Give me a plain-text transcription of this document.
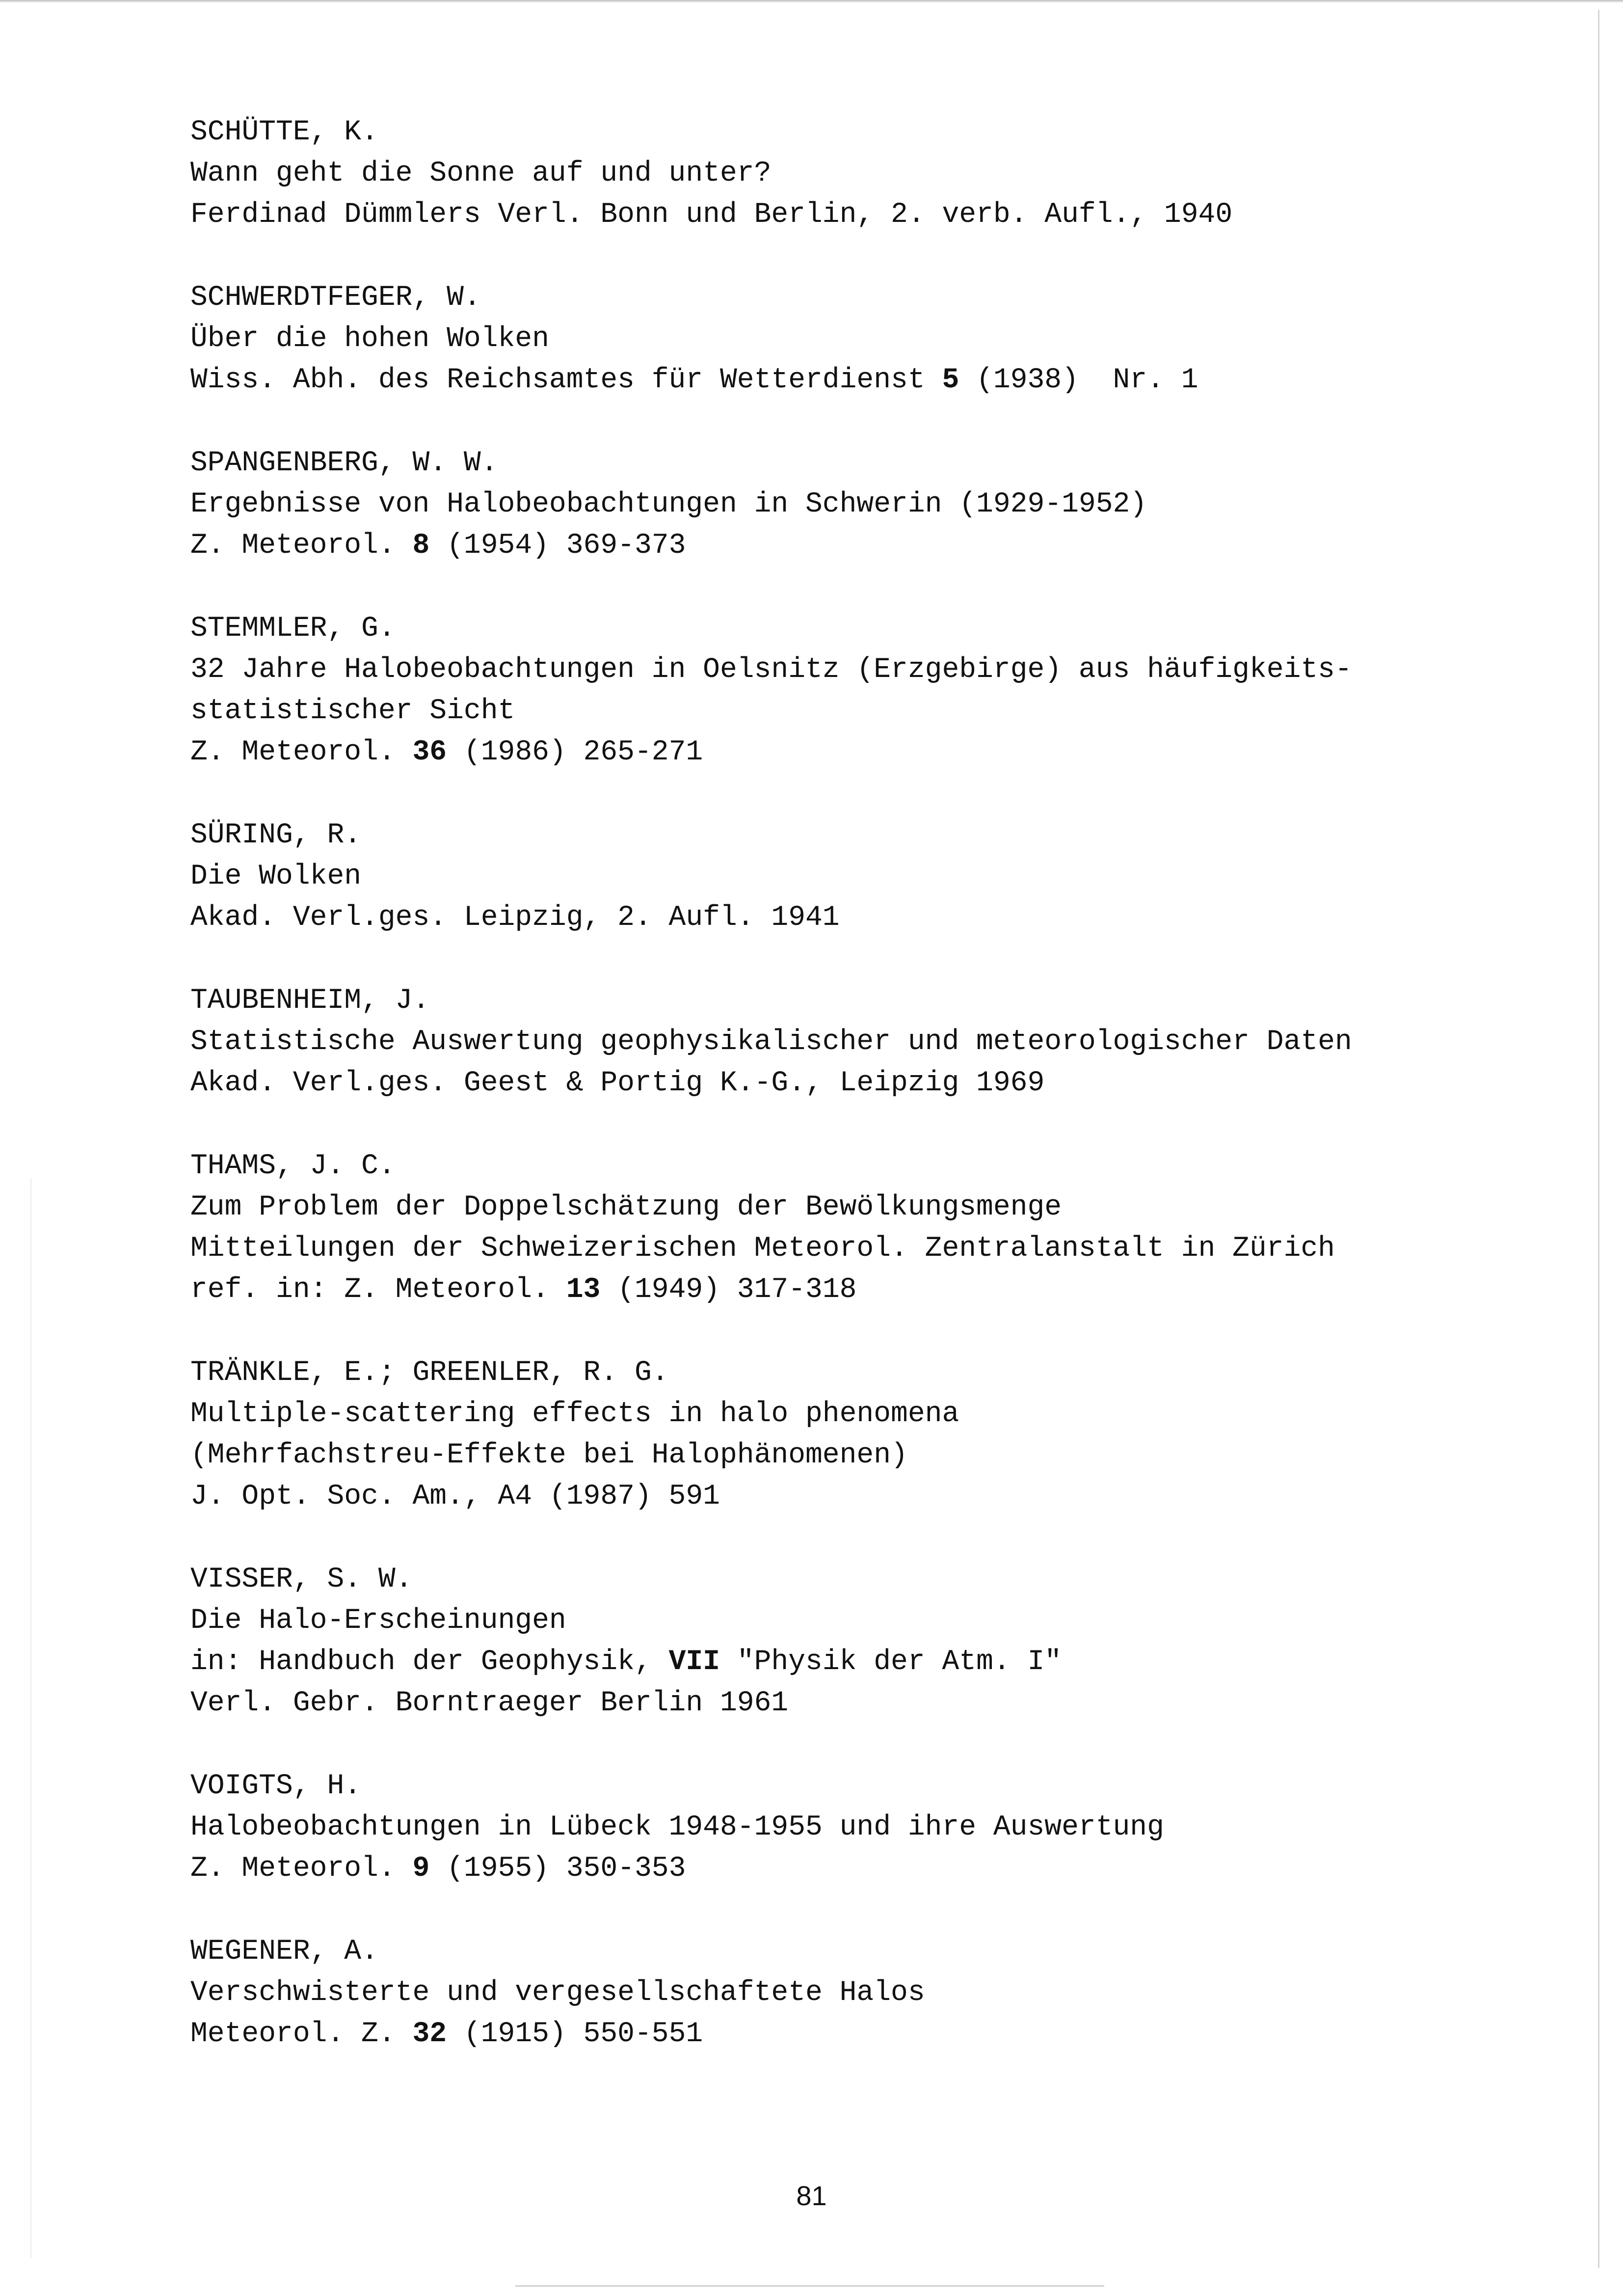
SCHÜTTE, K.
Wann geht die Sonne auf und unter?
Ferdinad Dümmlers Verl. Bonn und Berlin, 2. verb. Aufl., 1940
SCHWERDTFEGER, W.
Über die hohen Wolken
Wiss. Abh. des Reichsamtes für Wetterdienst 5 (1938)  Nr. 1
SPANGENBERG, W. W.
Ergebnisse von Halobeobachtungen in Schwerin (1929-1952)
Z. Meteorol. 8 (1954) 369-373
STEMMLER, G.
32 Jahre Halobeobachtungen in Oelsnitz (Erzgebirge) aus häufigkeits-
statistischer Sicht
Z. Meteorol. 36 (1986) 265-271
SÜRING, R.
Die Wolken
Akad. Verl.ges. Leipzig, 2. Aufl. 1941
TAUBENHEIM, J.
Statistische Auswertung geophysikalischer und meteorologischer Daten
Akad. Verl.ges. Geest & Portig K.-G., Leipzig 1969
THAMS, J. C.
Zum Problem der Doppelschätzung der Bewölkungsmenge
Mitteilungen der Schweizerischen Meteorol. Zentralanstalt in Zürich
ref. in: Z. Meteorol. 13 (1949) 317-318
TRÄNKLE, E.; GREENLER, R. G.
Multiple-scattering effects in halo phenomena
(Mehrfachstreu-Effekte bei Halophänomenen)
J. Opt. Soc. Am., A4 (1987) 591
VISSER, S. W.
Die Halo-Erscheinungen
in: Handbuch der Geophysik, VII "Physik der Atm. I"
Verl. Gebr. Borntraeger Berlin 1961
VOIGTS, H.
Halobeobachtungen in Lübeck 1948-1955 und ihre Auswertung
Z. Meteorol. 9 (1955) 350-353
WEGENER, A.
Verschwisterte und vergesellschaftete Halos
Meteorol. Z. 32 (1915) 550-551
81
